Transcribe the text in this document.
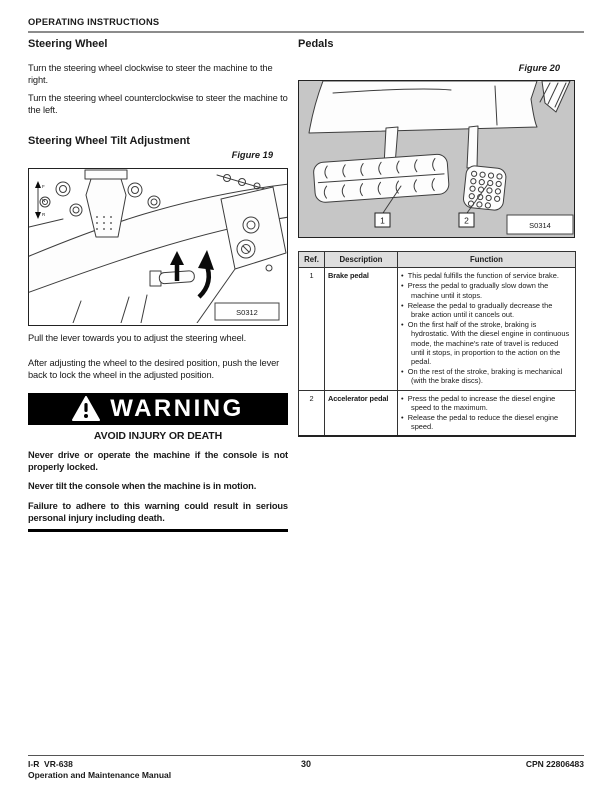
OPERATING INSTRUCTIONS
Steering Wheel

Turn the steering wheel clockwise to steer the machine to the right.

Turn the steering wheel counterclockwise to steer the machine to the left.

Steering Wheel Tilt Adjustment
Figure 19
F
N
R
S0312

Pull the lever towards you to adjust the steering wheel.

After adjusting the wheel to the desired position, push the lever back to lock the wheel in the adjusted position.

WARNING
AVOID INJURY OR DEATH

Never drive or operate the machine if the console is not properly locked.

Never tilt the console when the machine is in motion.

Failure to adhere to this warning could result in serious personal injury including death.

Pedals
Figure 20
1	2	S0314
Ref.	Description	Function
1	Brake pedal	
•This pedal fulfills the function of service brake.
•  Press the pedal to gradually slow down the machine until it stops.
•  Release the pedal to gradually decrease the brake action until it cancels out.
•  On the first half of the stroke, braking is hydrostatic. With the diesel engine in continuous mode, the machine's rate of travel is reduced until it stops, in proportion to the action on the pedal.
•  On the rest of the stroke, braking is mechanical (with the brake discs).

2	Accelerator pedal	
•Press the pedal to increase the diesel engine speed to the maximum.
•  Release the pedal to reduce the diesel engine speed.
30	CPN 22806483
I-R  VR-638
Operation and Maintenance Manual
